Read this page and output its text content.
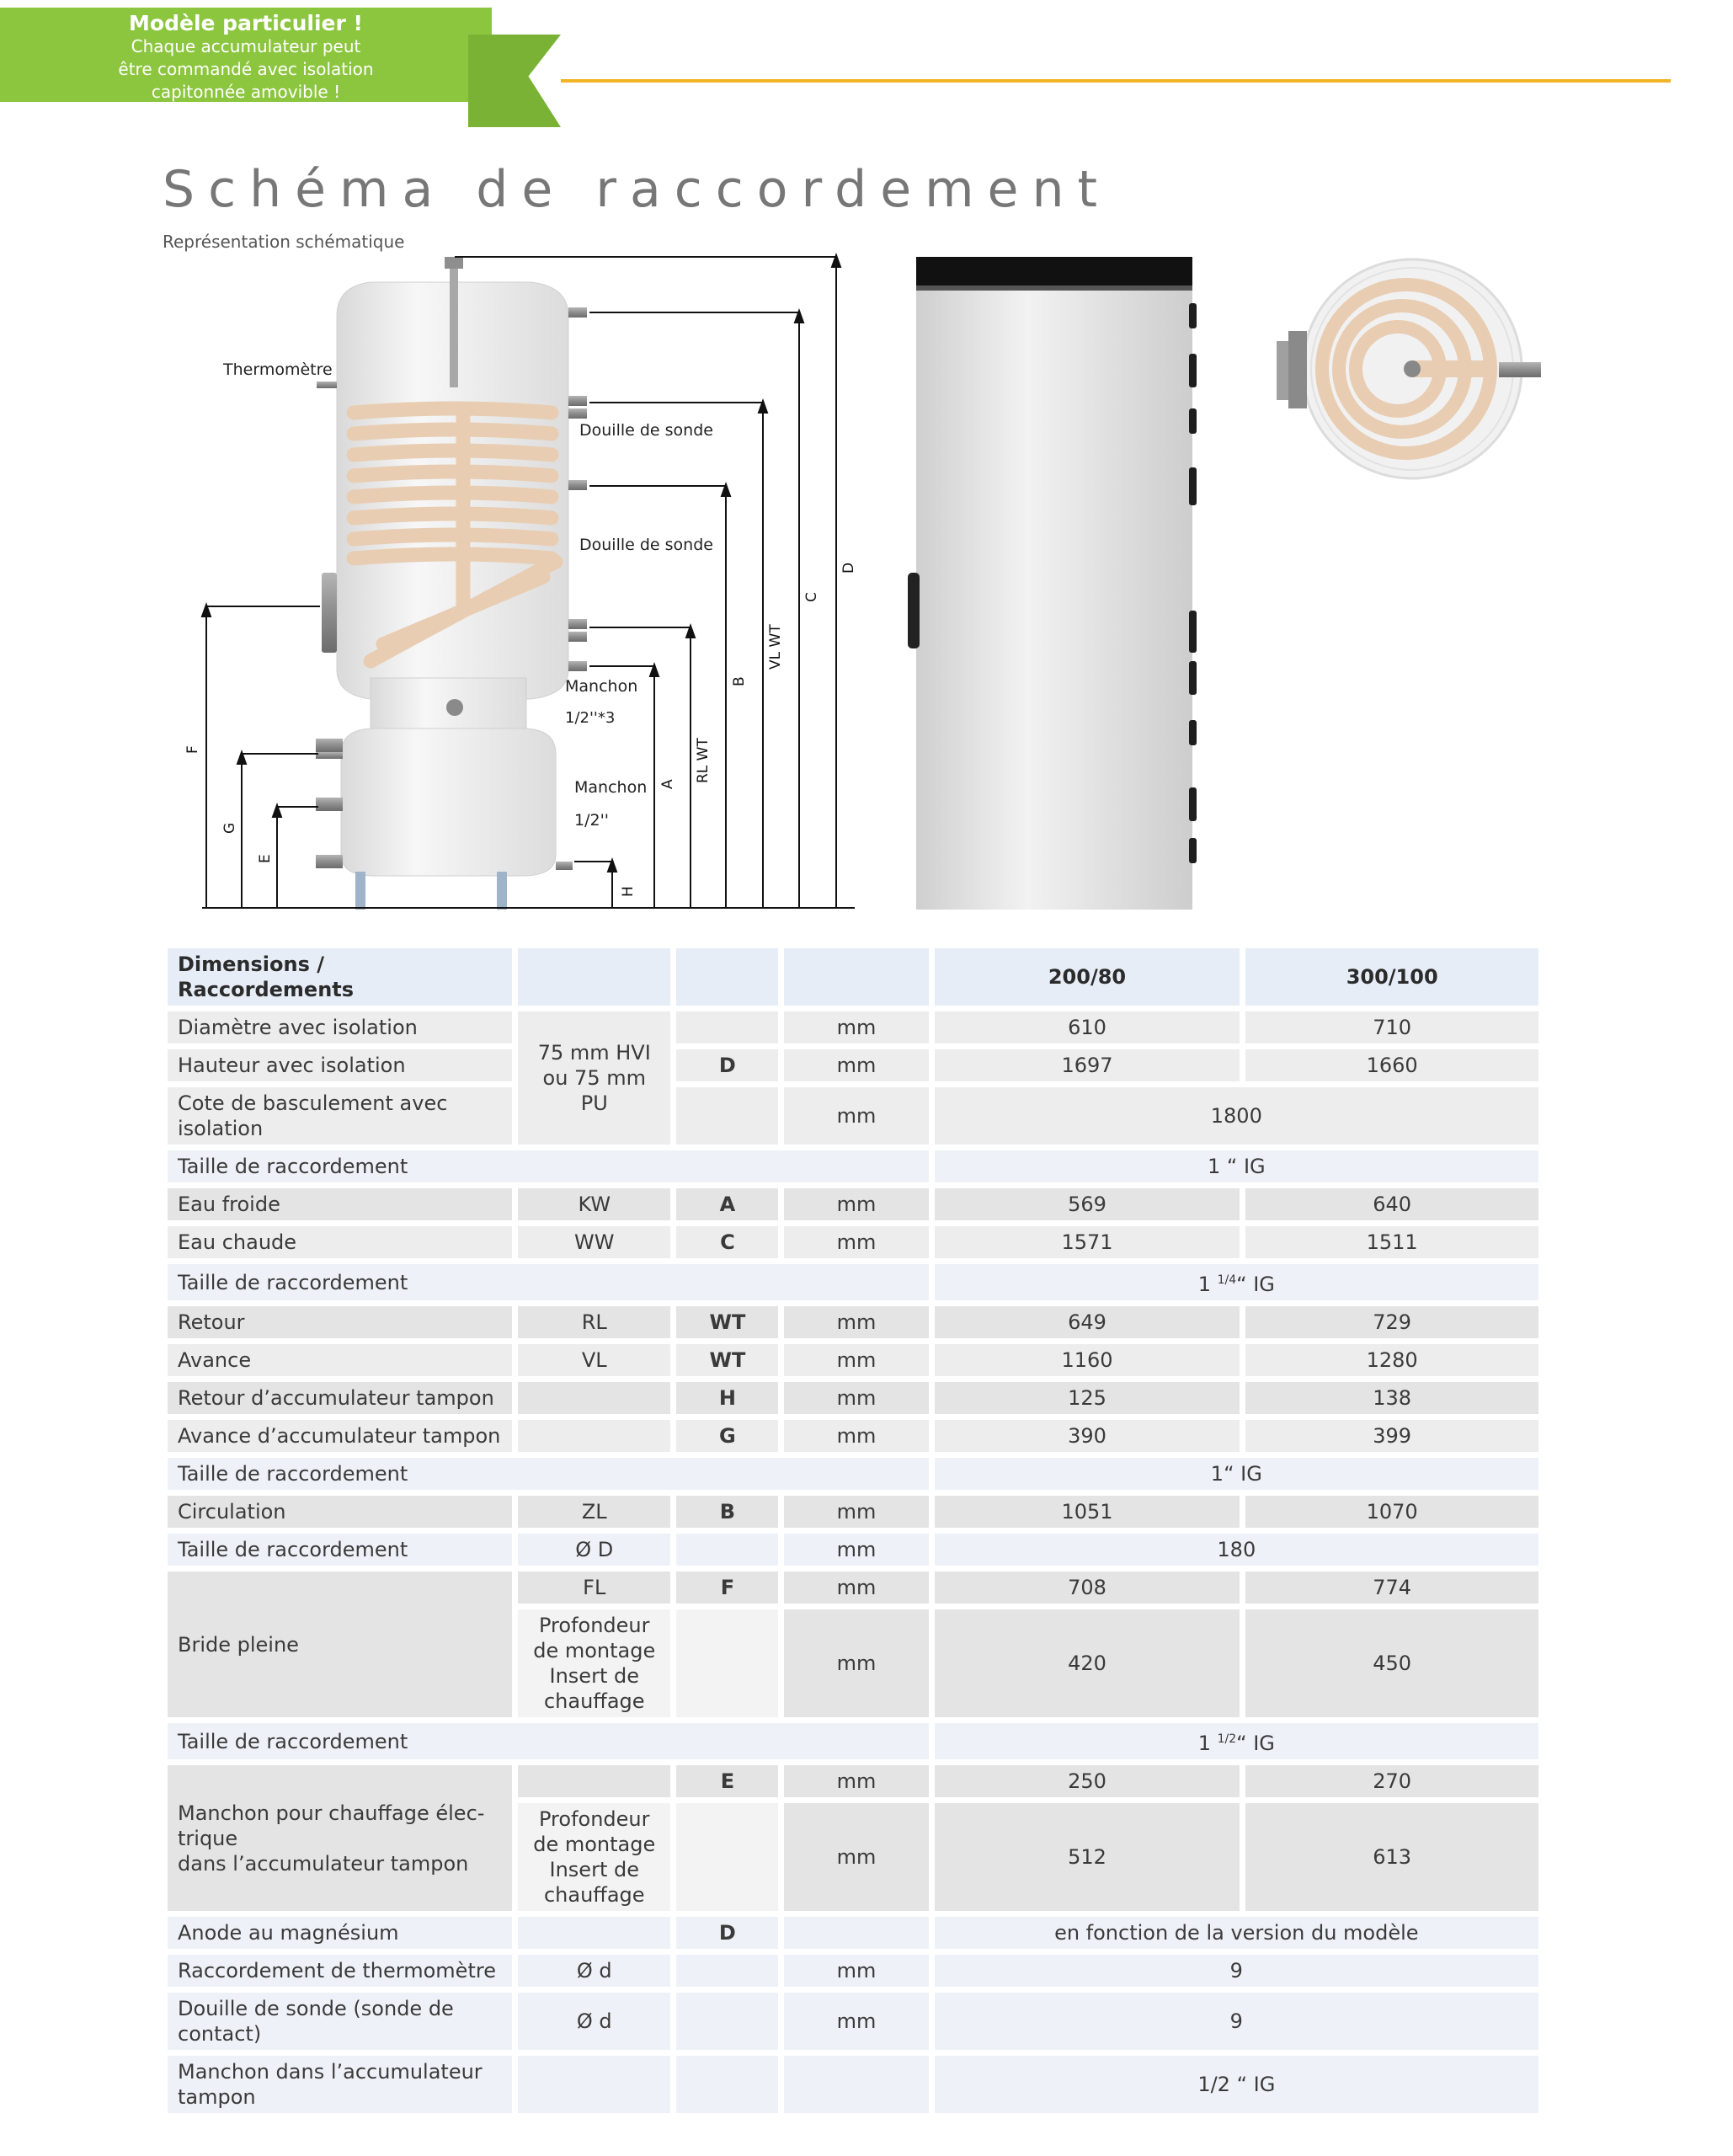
Modèle particulier !
Chaque accumulateur peut
être commandé avec isolation
capitonnée amovible !
Schéma de raccordement
Représentation schématique
Thermomètre
Douille de sonde
Douille de sonde
Manchon
1/2''*3
Manchon
1/2''
F
G
E
H
A
RL WT
B
VL WT
C
D
Dimensions / Raccordements				200/80	300/100
Diamètre avec isolation	75 mm HVI ou 75 mm PU		mm	610	710
Hauteur avec isolation		D	mm	1697	1660
Cote de basculement avec isolation			mm	1800	
Taille de raccordement				1 “ IG	
Eau froide	KW	A	mm	569	640
Eau chaude	WW	C	mm	1571	1511
Taille de raccordement				1 $^{1/4}$“ IG	
Retour	RL	WT	mm	649	729
Avance	VL	WT	mm	1160	1280
Retour d’accumulateur tampon		H	mm	125	138
Avance d’accumulateur tampon		G	mm	390	399
Taille de raccordement				1“ IG	
Circulation	ZL	B	mm	1051	1070
Taille de raccordement	Ø D		mm	180	
Bride pleine	FL	F	mm	708	774
	Profondeur de montage Insert de chauffage		mm	420	450
Taille de raccordement				1 $^{1/2}$“ IG	

Manchon pour chauffage élec-
trique
dans l’accumulateur tampon		E	mm	250	270
	Profondeur de montage Insert de chauffage		mm	512	613
Anode au magnésium		D		en fonction de la version du modèle	
Raccordement de thermomètre	Ø d		mm	9	
Douille de sonde (sonde de contact)	Ø d		mm	9	
Manchon dans l’accumulateur tampon				1/2 “ IG	
